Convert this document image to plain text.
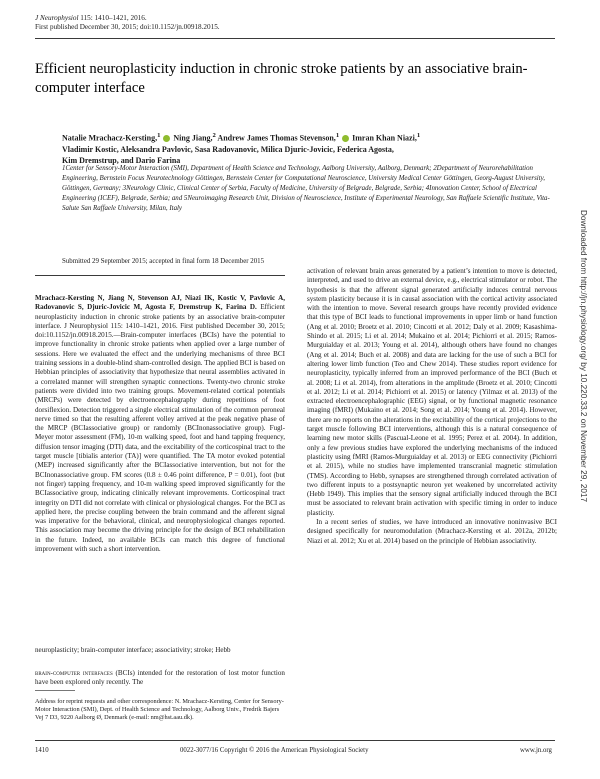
J Neurophysiol 115: 1410–1421, 2016.
First published December 30, 2015; doi:10.1152/jn.00918.2015.
Efficient neuroplasticity induction in chronic stroke patients by an associative brain-computer interface
Natalie Mrachacz-Kersting,$^1$ Ning Jiang,$^2$ Andrew James Thomas Stevenson,$^1$ Imran Khan Niazi,$^1$
Vladimir Kostic, Aleksandra Pavlovic, Sasa Radovanovic, Milica Djuric-Jovicic, Federica Agosta,
Kim Dremstrup, and Dario Farina
1Center for Sensory-Motor Interaction (SMI), Department of Health Science and Technology, Aalborg University, Aalborg, Denmark; 2Department of Neurorehabilitation Engineering, Bernstein Focus Neurotechnology Göttingen, Bernstein Center for Computational Neuroscience, University Medical Center Göttingen, Georg-August University, Göttingen, Germany; 3Neurology Clinic, Clinical Center of Serbia, Faculty of Medicine, University of Belgrade, Belgrade, Serbia; 4Innovation Center, School of Electrical Engineering (ICEF), Belgrade, Serbia; and 5Neuroimaging Research Unit, Division of Neuroscience, Institute of Experimental Neurology, San Raffaele Scientific Institute, Vita-Salute San Raffaele University, Milan, Italy
Submitted 29 September 2015; accepted in final form 18 December 2015
Mrachacz-Kersting N, Jiang N, Stevenson AJ, Niazi IK, Kostic V, Pavlovic A, Radovanovic S, Djuric-Jovicic M, Agosta F, Dremstrup K, Farina D. Efficient neuroplasticity induction in chronic stroke patients by an associative brain-computer interface. J Neurophysiol 115: 1410–1421, 2016. First published December 30, 2015; doi:10.1152/jn.00918.2015.—Brain-computer interfaces (BCIs) have the potential to improve functionality in chronic stroke patients when applied over a large number of sessions. Here we evaluated the effect and the underlying mechanisms of three BCI training sessions in a double-blind sham-controlled design. The applied BCI is based on Hebbian principles of associativity that hypothesize that neural assemblies activated in a correlated manner will strengthen synaptic connections. Twenty-two chronic stroke patients were divided into two training groups. Movement-related cortical potentials (MRCPs) were detected by electroencephalography during repetitions of foot dorsiflexion. Detection triggered a single electrical stimulation of the common peroneal nerve timed so that the resulting afferent volley arrived at the peak negative phase of the MRCP (BCIassociative group) or randomly (BCInonassociative group). Fugl-Meyer motor assessment (FM), 10-m walking speed, foot and hand tapping frequency, diffusion tensor imaging (DTI) data, and the excitability of the corticospinal tract to the target muscle [tibialis anterior (TA)] were quantified. The TA motor evoked potential (MEP) increased significantly after the BCIassociative intervention, but not for the BCInonassociative group. FM scores (0.8 ± 0.46 point difference, P = 0.01), foot (but not finger) tapping frequency, and 10-m walking speed improved significantly for the BCIassociative group, indicating clinically relevant improvements. Corticospinal tract integrity on DTI did not correlate with clinical or physiological changes. For the BCI as applied here, the precise coupling between the brain command and the afferent signal was imperative for the behavioral, clinical, and neurophysiological changes reported. This association may become the driving principle for the design of BCI rehabilitation in the future. Indeed, no available BCIs can match this degree of functional improvement with such a short intervention.
neuroplasticity; brain-computer interface; associativity; stroke; Hebb
brain-computer interfaces (BCIs) intended for the restoration of lost motor function have been explored only recently. The
Address for reprint requests and other correspondence: N. Mrachacz-Kersting, Center for Sensory-Motor Interaction (SMI), Dept. of Health Science and Technology, Aalborg Univ., Fredrik Bajers Vej 7 D3, 9220 Aalborg Ø, Denmark (e-mail: nm@hst.aau.dk).
activation of relevant brain areas generated by a patient’s intention to move is detected, interpreted, and used to drive an external device, e.g., electrical stimulator or robot. The hypothesis is that the afferent signal generated artificially induces central nervous system plasticity because it is in causal association with the cortical activity associated with the intention to move. Several research groups have recently provided evidence that this type of BCI leads to functional improvements in upper limb or hand function (Ang et al. 2010; Broetz et al. 2010; Cincotti et al. 2012; Daly et al. 2009; Kasashima-Shindo et al. 2015; Li et al. 2014; Mukaino et al. 2014; Pichiorri et al. 2015; Ramos-Murguialday et al. 2013; Young et al. 2014), although others have found no changes (Ang et al. 2014; Buch et al. 2008) and data are lacking for the use of such a BCI for altering lower limb function (Teo and Chew 2014). These studies report evidence for neuroplasticity, typically inferred from an improved performance of the BCI (Buch et al. 2008; Li et al. 2014), from alterations in the amplitude (Broetz et al. 2010; Cincotti et al. 2012; Li et al. 2014; Pichiorri et al. 2015) or latency (Yilmaz et al. 2013) of the extracted electroencephalographic (EEG) signal, or by functional magnetic resonance imaging (fMRI) (Mukaino et al. 2014; Song et al. 2014; Young et al. 2014). However, there are no reports on the alterations in the excitability of the cortical projections to the target muscle following BCI interventions, although this is a natural consequence of learning new motor skills (Pascual-Leone et al. 1995; Perez et al. 2004). In addition, only a few previous studies have explored the underlying mechanisms of the induced plasticity using fMRI (Ramos-Murguialday et al. 2013) or EEG connectivity (Pichiorri et al. 2015), while no studies have implemented transcranial magnetic stimulation (TMS). According to Hebb, synapses are strengthened through correlated activation of two different inputs to a postsynaptic neuron yet weakened by uncorrelated activity (Hebb 1949). This implies that the sensory signal artificially induced through the BCI must be associated to relevant brain activation with specific timing in order to induce plasticity.
In a recent series of studies, we have introduced an innovative noninvasive BCI designed specifically for neuromodulation (Mrachacz-Kersting et al. 2012a, 2012b; Niazi et al. 2012; Xu et al. 2014) based on the principle of Hebbian associativity.
1410	0022-3077/16 Copyright © 2016 the American Physiological Society	www.jn.org
Downloaded from http://jn.physiology.org/ by 10.220.33.2 on November 29, 2017
